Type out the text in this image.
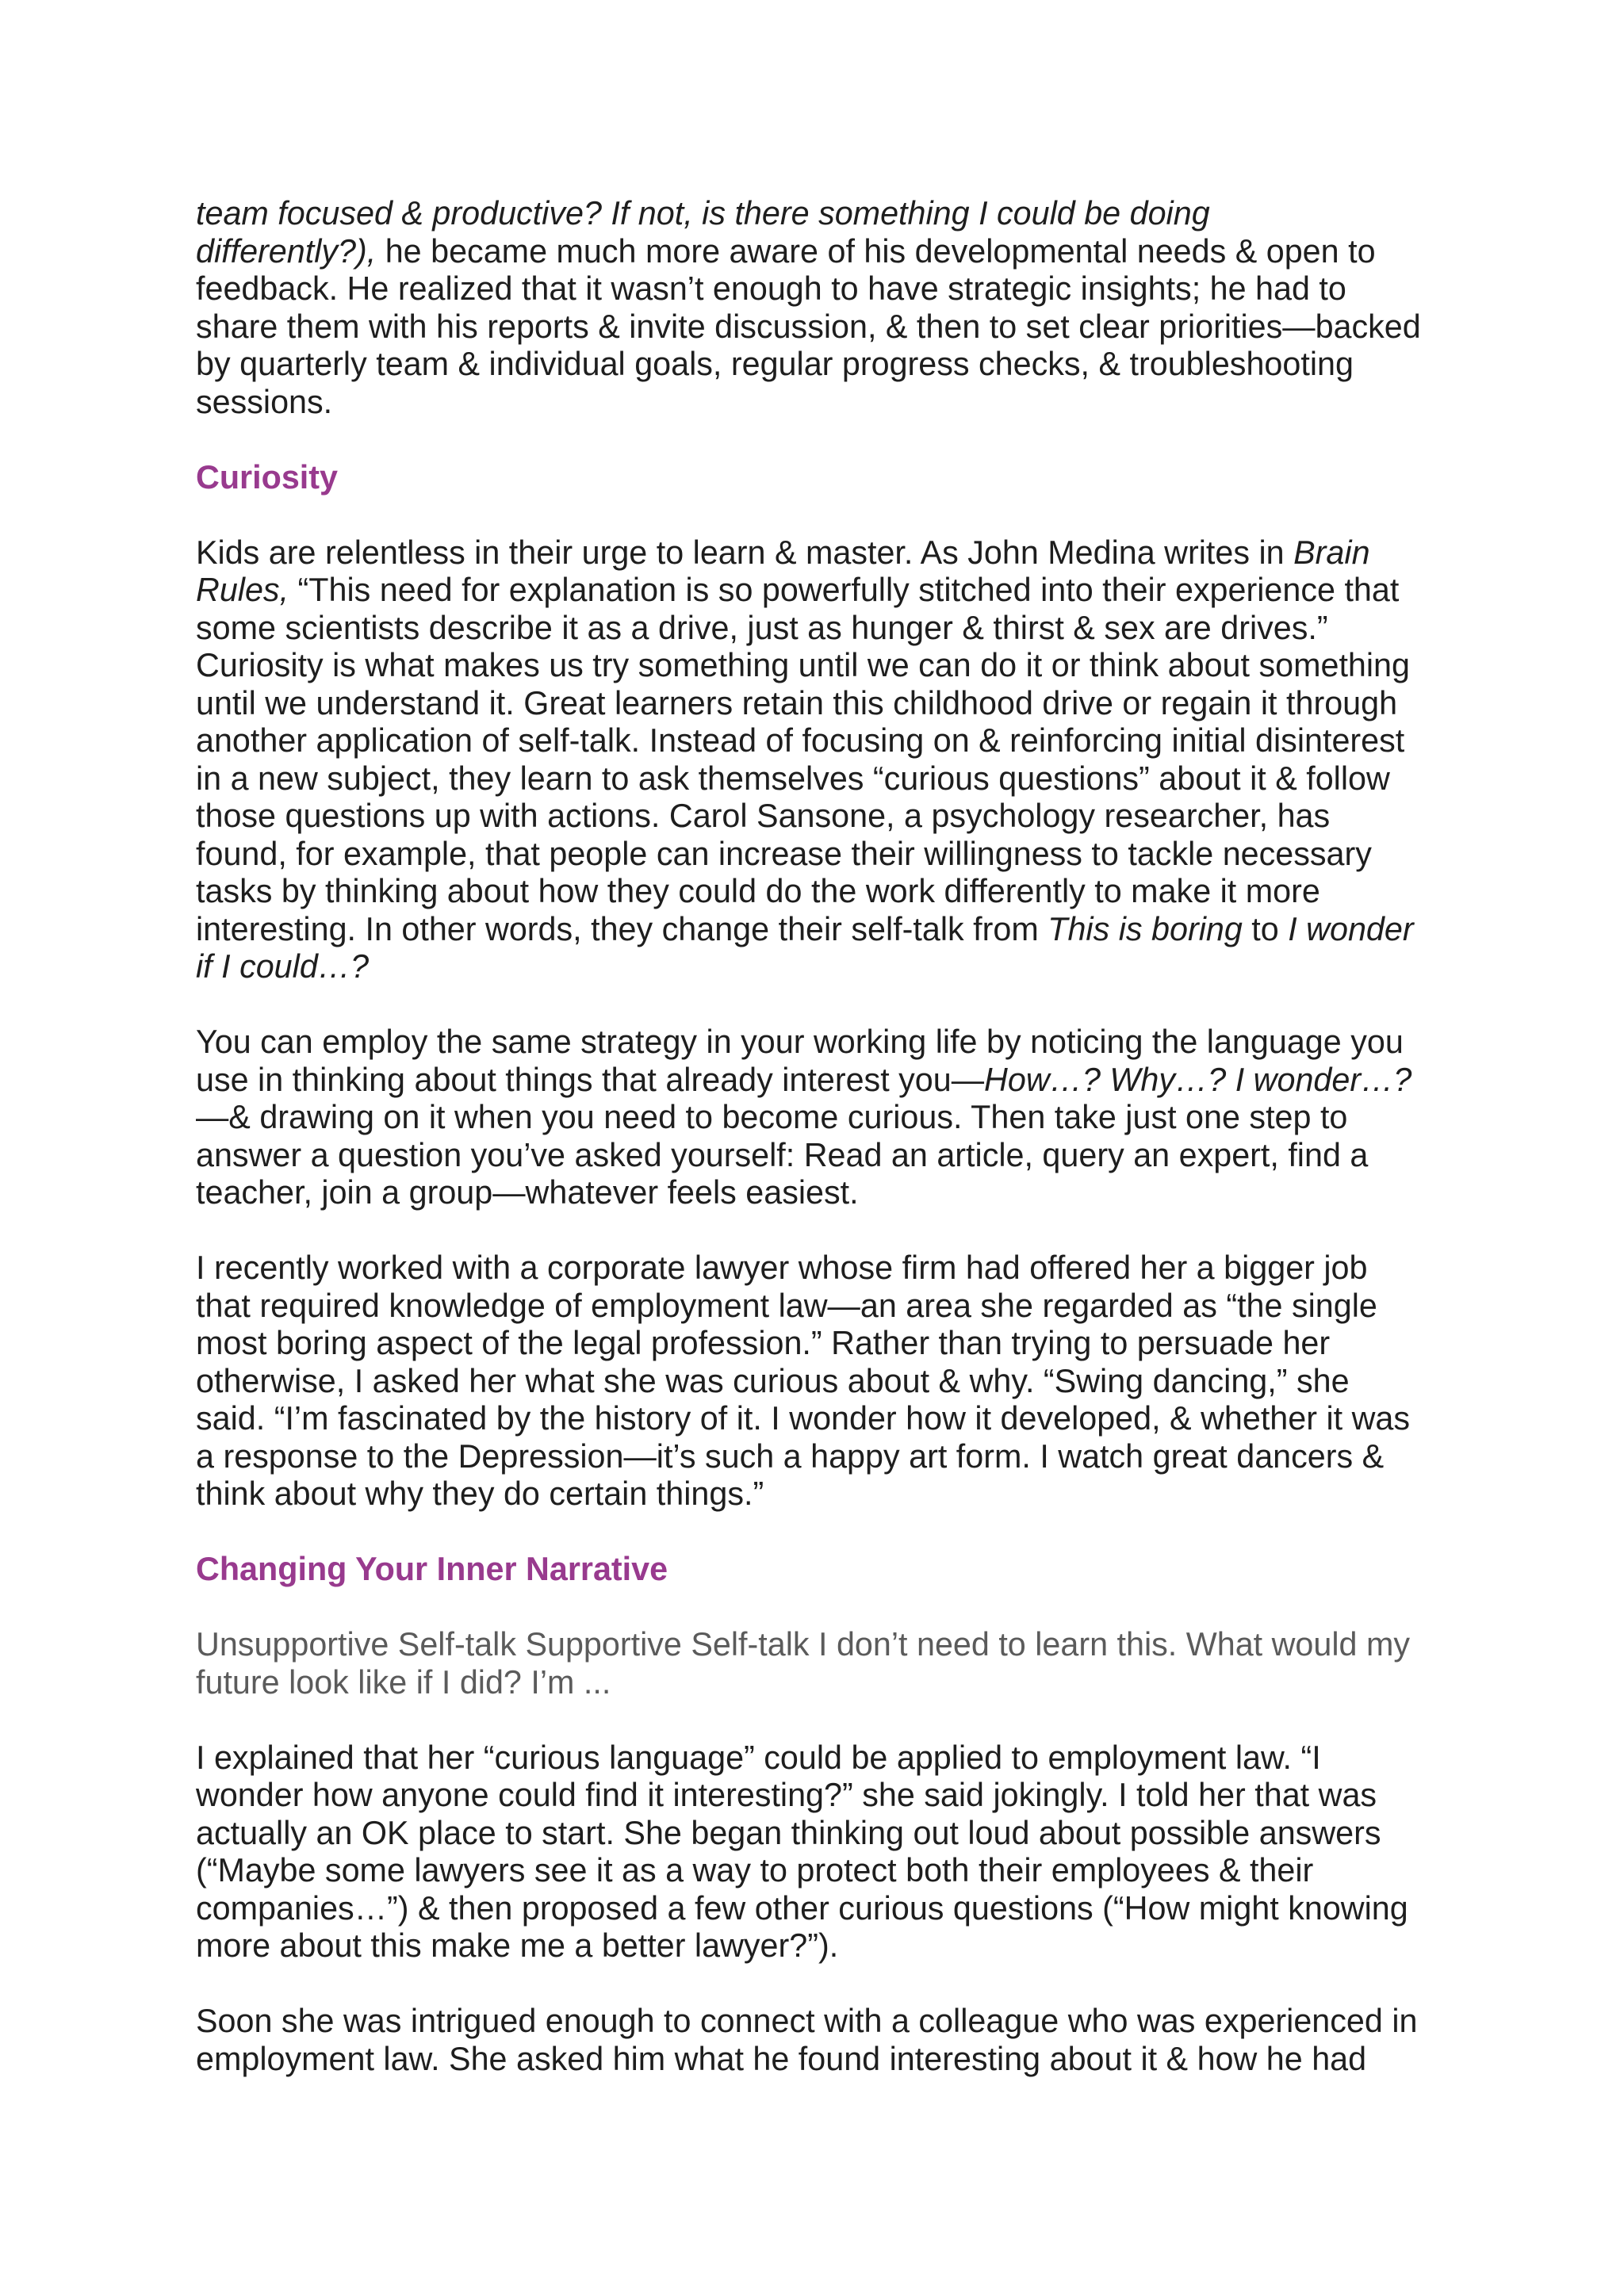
team focused & productive? If not, is there something I could be doing
differently?), he became much more aware of his developmental needs & open to
feedback. He realized that it wasn’t enough to have strategic insights; he had to
share them with his reports & invite discussion, & then to set clear priorities—backed
by quarterly team & individual goals, regular progress checks, & troubleshooting
sessions.
Curiosity
Kids are relentless in their urge to learn & master. As John Medina writes in Brain
Rules, “This need for explanation is so powerfully stitched into their experience that
some scientists describe it as a drive, just as hunger & thirst & sex are drives.”
Curiosity is what makes us try something until we can do it or think about something
until we understand it. Great learners retain this childhood drive or regain it through
another application of self-talk. Instead of focusing on & reinforcing initial disinterest
in a new subject, they learn to ask themselves “curious questions” about it & follow
those questions up with actions. Carol Sansone, a psychology researcher, has
found, for example, that people can increase their willingness to tackle necessary
tasks by thinking about how they could do the work differently to make it more
interesting. In other words, they change their self-talk from This is boring to I wonder
if I could…?
You can employ the same strategy in your working life by noticing the language you
use in thinking about things that already interest you—How…? Why…? I wonder…?
—& drawing on it when you need to become curious. Then take just one step to
answer a question you’ve asked yourself: Read an article, query an expert, find a
teacher, join a group—whatever feels easiest.
I recently worked with a corporate lawyer whose firm had offered her a bigger job
that required knowledge of employment law—an area she regarded as “the single
most boring aspect of the legal profession.” Rather than trying to persuade her
otherwise, I asked her what she was curious about & why. “Swing dancing,” she
said. “I’m fascinated by the history of it. I wonder how it developed, & whether it was
a response to the Depression—it’s such a happy art form. I watch great dancers &
think about why they do certain things.”
Changing Your Inner Narrative
Unsupportive Self-talk Supportive Self-talk I don’t need to learn this. What would my
future look like if I did? I’m ...
I explained that her “curious language” could be applied to employment law. “I
wonder how anyone could find it interesting?” she said jokingly. I told her that was
actually an OK place to start. She began thinking out loud about possible answers
(“Maybe some lawyers see it as a way to protect both their employees & their
companies…”) & then proposed a few other curious questions (“How might knowing
more about this make me a better lawyer?”).
Soon she was intrigued enough to connect with a colleague who was experienced in
employment law. She asked him what he found interesting about it & how he had
